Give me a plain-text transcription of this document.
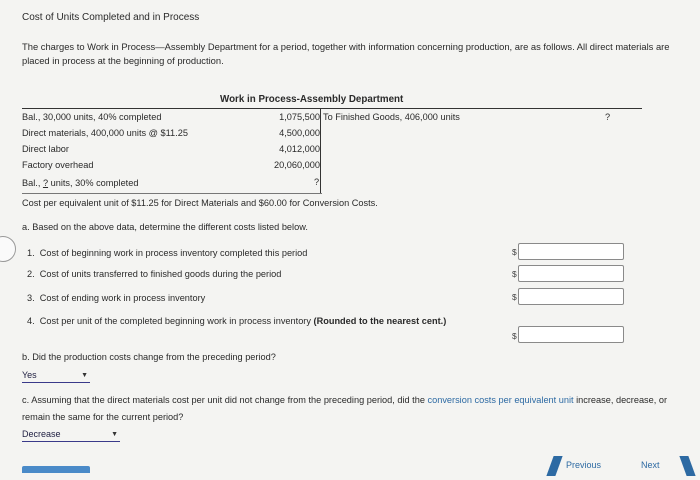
Cost of Units Completed and in Process
The charges to Work in Process—Assembly Department for a period, together with information concerning production, are as follows. All direct materials are placed in process at the beginning of production.
Work in Process-Assembly Department
Bal., 30,000 units, 40% completed	1,075,500
Direct materials, 400,000 units @ $11.25	4,500,000
Direct labor	4,012,000
Factory overhead	20,060,000
Bal., ? units, 30% completed	?
To Finished Goods, 406,000 units	?
Cost per equivalent unit of $11.25 for Direct Materials and $60.00 for Conversion Costs.
a. Based on the above data, determine the different costs listed below.
1. Cost of beginning work in process inventory completed this period
2. Cost of units transferred to finished goods during the period
3. Cost of ending work in process inventory
4. Cost per unit of the completed beginning work in process inventory (Rounded to the nearest cent.)
$
$
$
$
b. Did the production costs change from the preceding period?
Yes	▼
c. Assuming that the direct materials cost per unit did not change from the preceding period, did the conversion costs per equivalent unit increase, decrease, or remain the same for the current period?
Decrease	▼
Previous	Next
